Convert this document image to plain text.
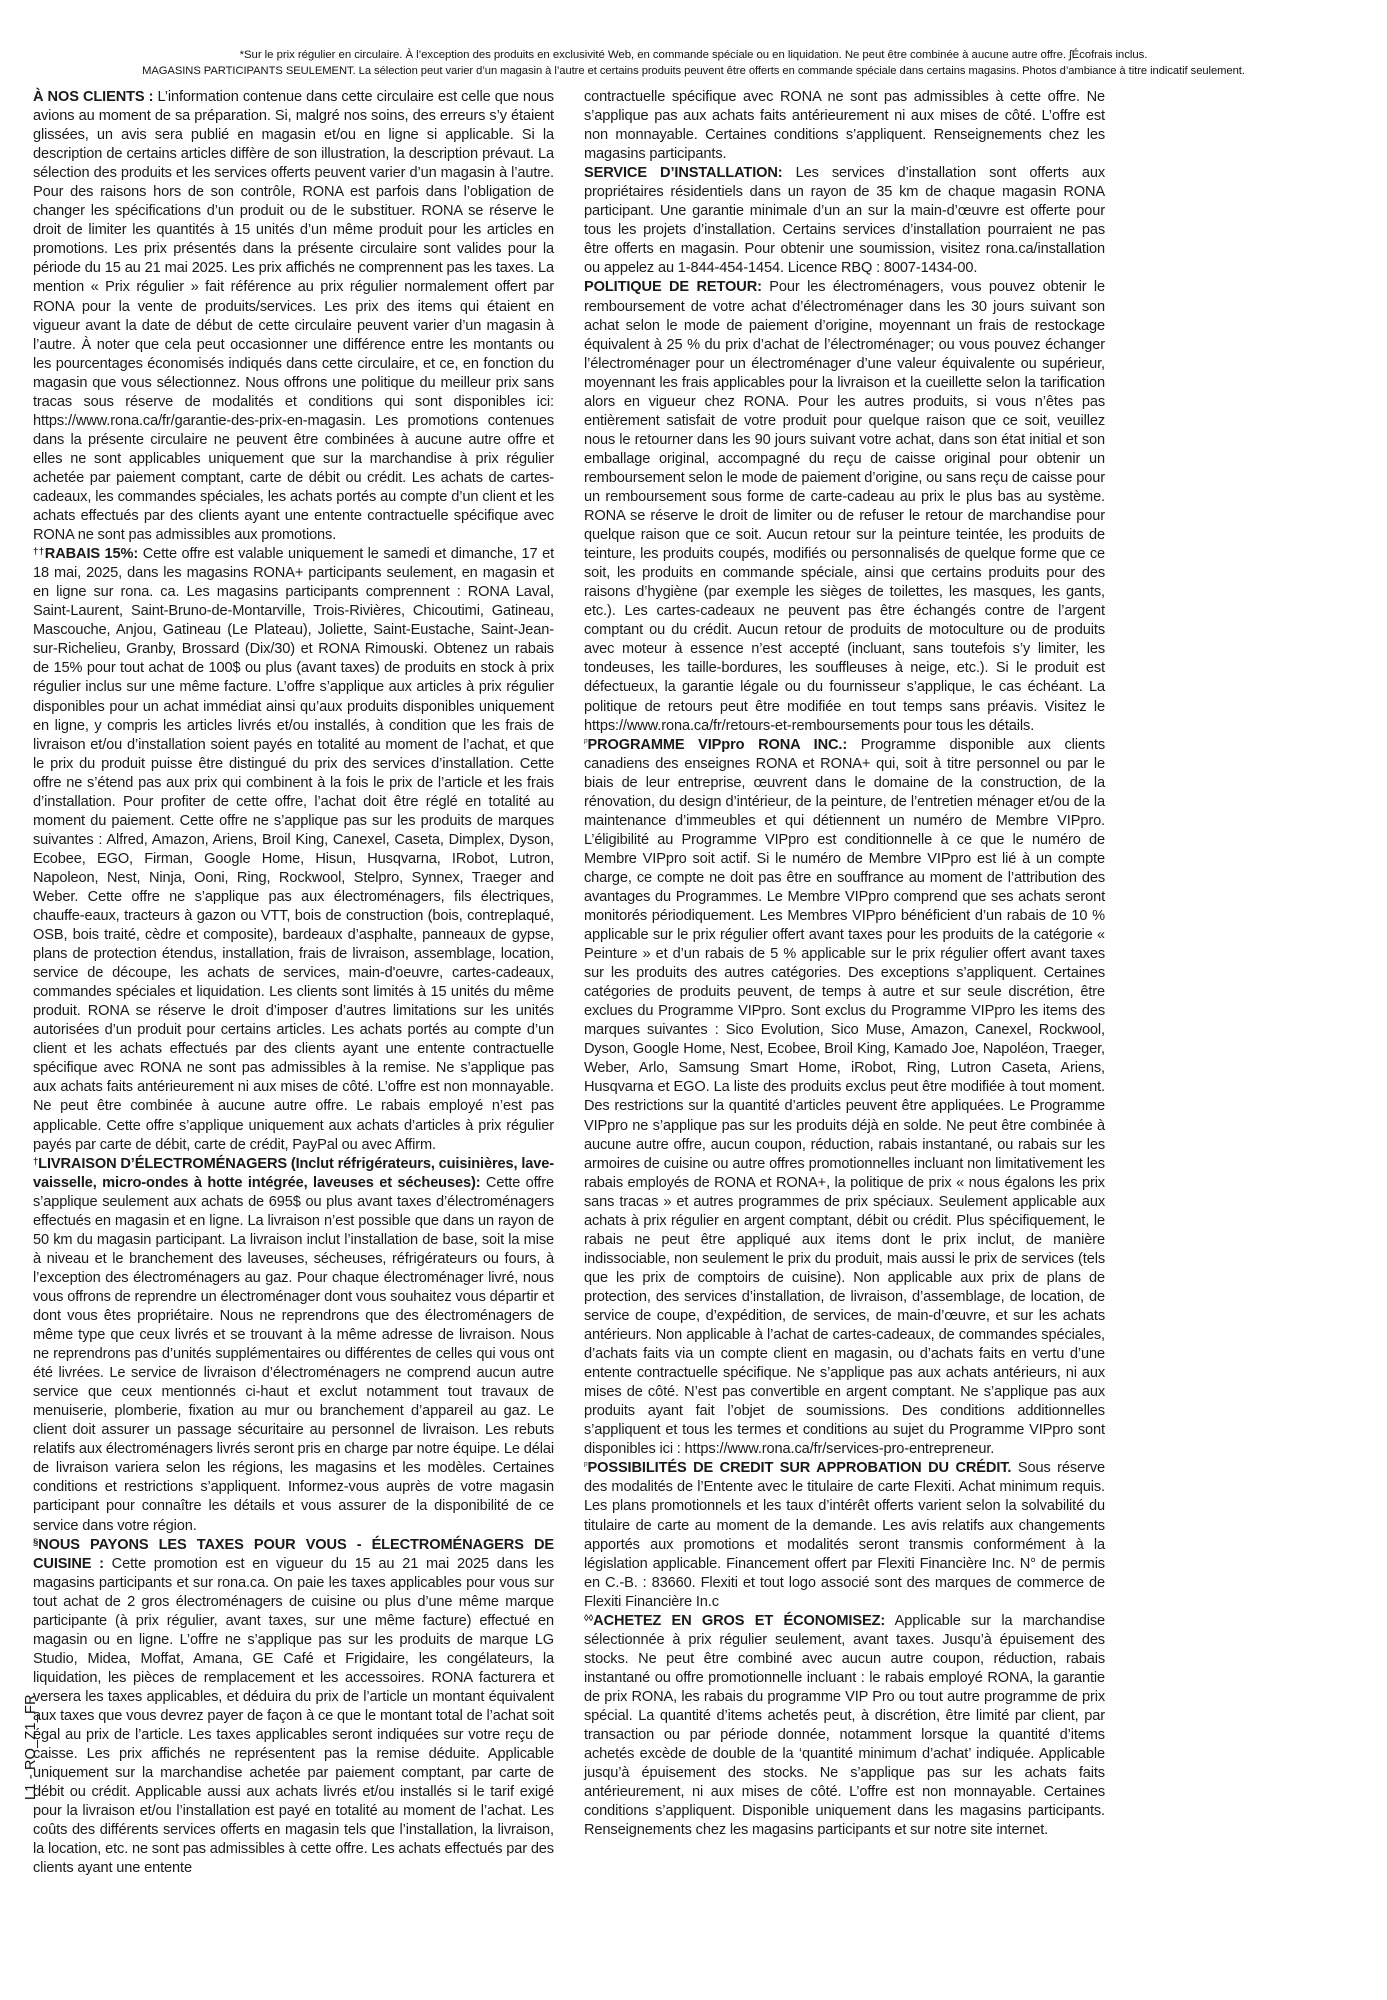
*Sur le prix régulier en circulaire. À l’exception des produits en exclusivité Web, en commande spéciale ou en liquidation. Ne peut être combinée à aucune autre offre. ʃÉcofrais inclus.
MAGASINS PARTICIPANTS SEULEMENT. La sélection peut varier d’un magasin à l’autre et certains produits peuvent être offerts en commande spéciale dans certains magasins. Photos d’ambiance à titre indicatif seulement.

À NOS CLIENTS : L’information contenue dans cette circulaire est celle que nous avions au moment de sa préparation. Si, malgré nos soins, des erreurs s’y étaient glissées, un avis sera publié en magasin et/ou en ligne si applicable. Si la description de certains articles diffère de son illustration, la description prévaut. La sélection des produits et les services offerts peuvent varier d’un magasin à l’autre. Pour des raisons hors de son contrôle, RONA est parfois dans l’obligation de changer les spécifications d’un produit ou de le substituer. RONA se réserve le droit de limiter les quantités à 15 unités d’un même produit pour les articles en promotions. Les prix présentés dans la présente circulaire sont valides pour la période du 15 au 21 mai 2025. Les prix affichés ne comprennent pas les taxes. La mention « Prix régulier » fait référence au prix régulier normalement offert par RONA pour la vente de produits/services. Les prix des items qui étaient en vigueur avant la date de début de cette circulaire peuvent varier d’un magasin à l’autre. À noter que cela peut occasionner une différence entre les montants ou les pourcentages économisés indiqués dans cette circulaire, et ce, en fonction du magasin que vous sélectionnez. Nous offrons une politique du meilleur prix sans tracas sous réserve de modalités et conditions qui sont disponibles ici: https://www.rona.ca/fr/garantie-des-prix-en-magasin. Les promotions contenues dans la présente circulaire ne peuvent être combinées à aucune autre offre et elles ne sont applicables uniquement que sur la marchandise à prix régulier achetée par paiement comptant, carte de débit ou crédit. Les achats de cartes-cadeaux, les commandes spéciales, les achats portés au compte d’un client et les achats effectués par des clients ayant une entente contractuelle spécifique avec RONA ne sont pas admissibles aux promotions.

††RABAIS 15%: Cette offre est valable uniquement le samedi et dimanche, 17 et 18 mai, 2025, dans les magasins RONA+ participants seulement, en magasin et en ligne sur rona. ca. Les magasins participants comprennent : RONA Laval, Saint-Laurent, Saint-Bruno-de-Montarville, Trois-Rivières, Chicoutimi, Gatineau, Mascouche, Anjou, Gatineau (Le Plateau), Joliette, Saint-Eustache, Saint-Jean-sur-Richelieu, Granby, Brossard (Dix/30) et RONA Rimouski. Obtenez un rabais de 15% pour tout achat de 100$ ou plus (avant taxes) de produits en stock à prix régulier inclus sur une même facture. L’offre s’applique aux articles à prix régulier disponibles pour un achat immédiat ainsi qu’aux produits disponibles uniquement en ligne, y compris les articles livrés et/ou installés, à condition que les frais de livraison et/ou d’installation soient payés en totalité au moment de l’achat, et que le prix du produit puisse être distingué du prix des services d’installation. Cette offre ne s’étend pas aux prix qui combinent à la fois le prix de l’article et les frais d’installation. Pour profiter de cette offre, l’achat doit être réglé en totalité au moment du paiement. Cette offre ne s’applique pas sur les produits de marques suivantes : Alfred, Amazon, Ariens, Broil King, Canexel, Caseta, Dimplex, Dyson, Ecobee, EGO, Firman, Google Home, Hisun, Husqvarna, IRobot, Lutron, Napoleon, Nest, Ninja, Ooni, Ring, Rockwool, Stelpro, Synnex, Traeger and Weber. Cette offre ne s’applique pas aux électroménagers, fils électriques, chauffe-eaux, tracteurs à gazon ou VTT, bois de construction (bois, contreplaqué, OSB, bois traité, cèdre et composite), bardeaux d’asphalte, panneaux de gypse, plans de protection étendus, installation, frais de livraison, assemblage, location, service de découpe, les achats de services, main-d'oeuvre, cartes-cadeaux, commandes spéciales et liquidation. Les clients sont limités à 15 unités du même produit. RONA se réserve le droit d’imposer d’autres limitations sur les unités autorisées d’un produit pour certains articles. Les achats portés au compte d’un client et les achats effectués par des clients ayant une entente contractuelle spécifique avec RONA ne sont pas admissibles à la remise. Ne s’applique pas aux achats faits antérieurement ni aux mises de côté. L’offre est non monnayable. Ne peut être combinée à aucune autre offre. Le rabais employé n’est pas applicable. Cette offre s’applique uniquement aux achats d’articles à prix régulier payés par carte de débit, carte de crédit, PayPal ou avec Affirm.

†LIVRAISON D’ÉLECTROMÉNAGERS (Inclut réfrigérateurs, cuisinières, lave-vaisselle, micro-ondes à hotte intégrée, laveuses et sécheuses): Cette offre s’applique seulement aux achats de 695$ ou plus avant taxes d’électroménagers effectués en magasin et en ligne. La livraison n’est possible que dans un rayon de 50 km du magasin participant. La livraison inclut l’installation de base, soit la mise à niveau et le branchement des laveuses, sécheuses, réfrigérateurs ou fours, à l’exception des électroménagers au gaz. Pour chaque électroménager livré, nous vous offrons de reprendre un électroménager dont vous souhaitez vous départir et dont vous êtes propriétaire. Nous ne reprendrons que des électroménagers de même type que ceux livrés et se trouvant à la même adresse de livraison. Nous ne reprendrons pas d’unités supplémentaires ou différentes de celles qui vous ont été livrées. Le service de livraison d’électroménagers ne comprend aucun autre service que ceux mentionnés ci-haut et exclut notamment tout travaux de menuiserie, plomberie, fixation au mur ou branchement d’appareil au gaz. Le client doit assurer un passage sécuritaire au personnel de livraison. Les rebuts relatifs aux électroménagers livrés seront pris en charge par notre équipe. Le délai de livraison variera selon les régions, les magasins et les modèles. Certaines conditions et restrictions s’appliquent. Informez-vous auprès de votre magasin participant pour connaître les détails et vous assurer de la disponibilité de ce service dans votre région.

§NOUS PAYONS LES TAXES POUR VOUS - ÉLECTROMÉNAGERS DE CUISINE : Cette promotion est en vigueur du 15 au 21 mai 2025 dans les magasins participants et sur rona.ca. On paie les taxes applicables pour vous sur tout achat de 2 gros électroménagers de cuisine ou plus d’une même marque participante (à prix régulier, avant taxes, sur une même facture) effectué en magasin ou en ligne. L’offre ne s’applique pas sur les produits de marque LG Studio, Midea, Moffat, Amana, GE Café et Frigidaire, les congélateurs, la liquidation, les pièces de remplacement et les accessoires. RONA facturera et versera les taxes applicables, et déduira du prix de l’article un montant équivalent aux taxes que vous devrez payer de façon à ce que le montant total de l’achat soit égal au prix de l’article. Les taxes applicables seront indiquées sur votre reçu de caisse. Les prix affichés ne représentent pas la remise déduite. Applicable uniquement sur la marchandise achetée par paiement comptant, par carte de débit ou crédit. Applicable aussi aux achats livrés et/ou installés si le tarif exigé pour la livraison et/ou l’installation est payé en totalité au moment de l’achat. Les coûts des différents services offerts en magasin tels que l’installation, la livraison, la location, etc. ne sont pas admissibles à cette offre. Les achats effectués par des clients ayant une entente

contractuelle spécifique avec RONA ne sont pas admissibles à cette offre. Ne s’applique pas aux achats faits antérieurement ni aux mises de côté. L’offre est non monnayable. Certaines conditions s’appliquent. Renseignements chez les magasins participants.

SERVICE D’INSTALLATION: Les services d’installation sont offerts aux propriétaires résidentiels dans un rayon de 35 km de chaque magasin RONA participant. Une garantie minimale d’un an sur la main-d’œuvre est offerte pour tous les projets d’installation. Certains services d’installation pourraient ne pas être offerts en magasin. Pour obtenir une soumission, visitez rona.ca/installation ou appelez au 1-844-454-1454. Licence RBQ : 8007-1434-00.

POLITIQUE DE RETOUR: Pour les électroménagers, vous pouvez obtenir le remboursement de votre achat d’électroménager dans les 30 jours suivant son achat selon le mode de paiement d’origine, moyennant un frais de restockage équivalent à 25 % du prix d’achat de l’électroménager; ou vous pouvez échanger l’électroménager pour un électroménager d’une valeur équivalente ou supérieur, moyennant les frais applicables pour la livraison et la cueillette selon la tarification alors en vigueur chez RONA. Pour les autres produits, si vous n’êtes pas entièrement satisfait de votre produit pour quelque raison que ce soit, veuillez nous le retourner dans les 90 jours suivant votre achat, dans son état initial et son emballage original, accompagné du reçu de caisse original pour obtenir un remboursement selon le mode de paiement d’origine, ou sans reçu de caisse pour un remboursement sous forme de carte-cadeau au prix le plus bas au système. RONA se réserve le droit de limiter ou de refuser le retour de marchandise pour quelque raison que ce soit. Aucun retour sur la peinture teintée, les produits de teinture, les produits coupés, modifiés ou personnalisés de quelque forme que ce soit, les produits en commande spéciale, ainsi que certains produits pour des raisons d’hygiène (par exemple les sièges de toilettes, les masques, les gants, etc.). Les cartes-cadeaux ne peuvent pas être échangés contre de l’argent comptant ou du crédit. Aucun retour de produits de motoculture ou de produits avec moteur à essence n’est accepté (incluant, sans toutefois s’y limiter, les tondeuses, les taille-bordures, les souffleuses à neige, etc.). Si le produit est défectueux, la garantie légale ou du fournisseur s’applique, le cas échéant. La politique de retours peut être modifiée en tout temps sans préavis. Visitez le https://www.rona.ca/fr/retours-et-remboursements pour tous les détails.

$^ᵖ$PROGRAMME VIPpro RONA INC.: Programme disponible aux clients canadiens des enseignes RONA et RONA+ qui, soit à titre personnel ou par le biais de leur entreprise, œuvrent dans le domaine de la construction, de la rénovation, du design d’intérieur, de la peinture, de l’entretien ménager et/ou de la maintenance d’immeubles et qui détiennent un numéro de Membre VIPpro. L’éligibilité au Programme VIPpro est conditionnelle à ce que le numéro de Membre VIPpro soit actif. Si le numéro de Membre VIPpro est lié à un compte charge, ce compte ne doit pas être en souffrance au moment de l’attribution des avantages du Programmes. Le Membre VIPpro comprend que ses achats seront monitorés périodiquement. Les Membres VIPpro bénéficient d’un rabais de 10 % applicable sur le prix régulier offert avant taxes pour les produits de la catégorie « Peinture » et d’un rabais de 5 % applicable sur le prix régulier offert avant taxes sur les produits des autres catégories. Des exceptions s’appliquent. Certaines catégories de produits peuvent, de temps à autre et sur seule discrétion, être exclues du Programme VIPpro. Sont exclus du Programme VIPpro les items des marques suivantes : Sico Evolution, Sico Muse, Amazon, Canexel, Rockwool, Dyson, Google Home, Nest, Ecobee, Broil King, Kamado Joe, Napoléon, Traeger, Weber, Arlo, Samsung Smart Home, iRobot, Ring, Lutron Caseta, Ariens, Husqvarna et EGO. La liste des produits exclus peut être modifiée à tout moment. Des restrictions sur la quantité d’articles peuvent être appliquées. Le Programme VIPpro ne s’applique pas sur les produits déjà en solde. Ne peut être combinée à aucune autre offre, aucun coupon, réduction, rabais instantané, ou rabais sur les armoires de cuisine ou autre offres promotionnelles incluant non limitativement les rabais employés de RONA et RONA+, la politique de prix « nous égalons les prix sans tracas » et autres programmes de prix spéciaux. Seulement applicable aux achats à prix régulier en argent comptant, débit ou crédit. Plus spécifiquement, le rabais ne peut être appliqué aux items dont le prix inclut, de manière indissociable, non seulement le prix du produit, mais aussi le prix de services (tels que les prix de comptoirs de cuisine). Non applicable aux prix de plans de protection, des services d’installation, de livraison, d’assemblage, de location, de service de coupe, d’expédition, de services, de main-d’œuvre, et sur les achats antérieurs. Non applicable à l’achat de cartes-cadeaux, de commandes spéciales, d’achats faits via un compte client en magasin, ou d’achats faits en vertu d’une entente contractuelle spécifique. Ne s’applique pas aux achats antérieurs, ni aux mises de côté. N’est pas convertible en argent comptant. Ne s’applique pas aux produits ayant fait l’objet de soumissions. Des conditions additionnelles s’appliquent et tous les termes et conditions au sujet du Programme VIPpro sont disponibles ici : https://www.rona.ca/fr/services-pro-entrepreneur.

$^ᵖ$POSSIBILITÉS DE CREDIT SUR APPROBATION DU CRÉDIT. Sous réserve des modalités de l’Entente avec le titulaire de carte Flexiti. Achat minimum requis. Les plans promotionnels et les taux d’intérêt offerts varient selon la solvabilité du titulaire de carte au moment de la demande. Les avis relatifs aux changements apportés aux promotions et modalités seront transmis conformément à la législation applicable. Financement offert par Flexiti Financière Inc. N° de permis en C.-B. : 83660. Flexiti et tout logo associé sont des marques de commerce de Flexiti Financière In.c

◊◊ACHETEZ EN GROS ET ÉCONOMISEZ: Applicable sur la marchandise sélectionnée à prix régulier seulement, avant taxes. Jusqu’à épuisement des stocks. Ne peut être combiné avec aucun autre coupon, réduction, rabais instantané ou offre promotionnelle incluant : le rabais employé RONA, la garantie de prix RONA, les rabais du programme VIP Pro ou tout autre programme de prix spécial. La quantité d’items achetés peut, à discrétion, être limité par client, par transaction ou par période donnée, notamment lorsque la quantité d’items achetés excède de double de la ‘quantité minimum d’achat’ indiquée. Applicable jusqu’à épuisement des stocks. Ne s’applique pas sur les achats faits antérieurement, ni aux mises de côté. L’offre est non monnayable. Certaines conditions s’appliquent. Disponible uniquement dans les magasins participants. Renseignements chez les magasins participants et sur notre site internet.

L1 - RO_Z1_FR
